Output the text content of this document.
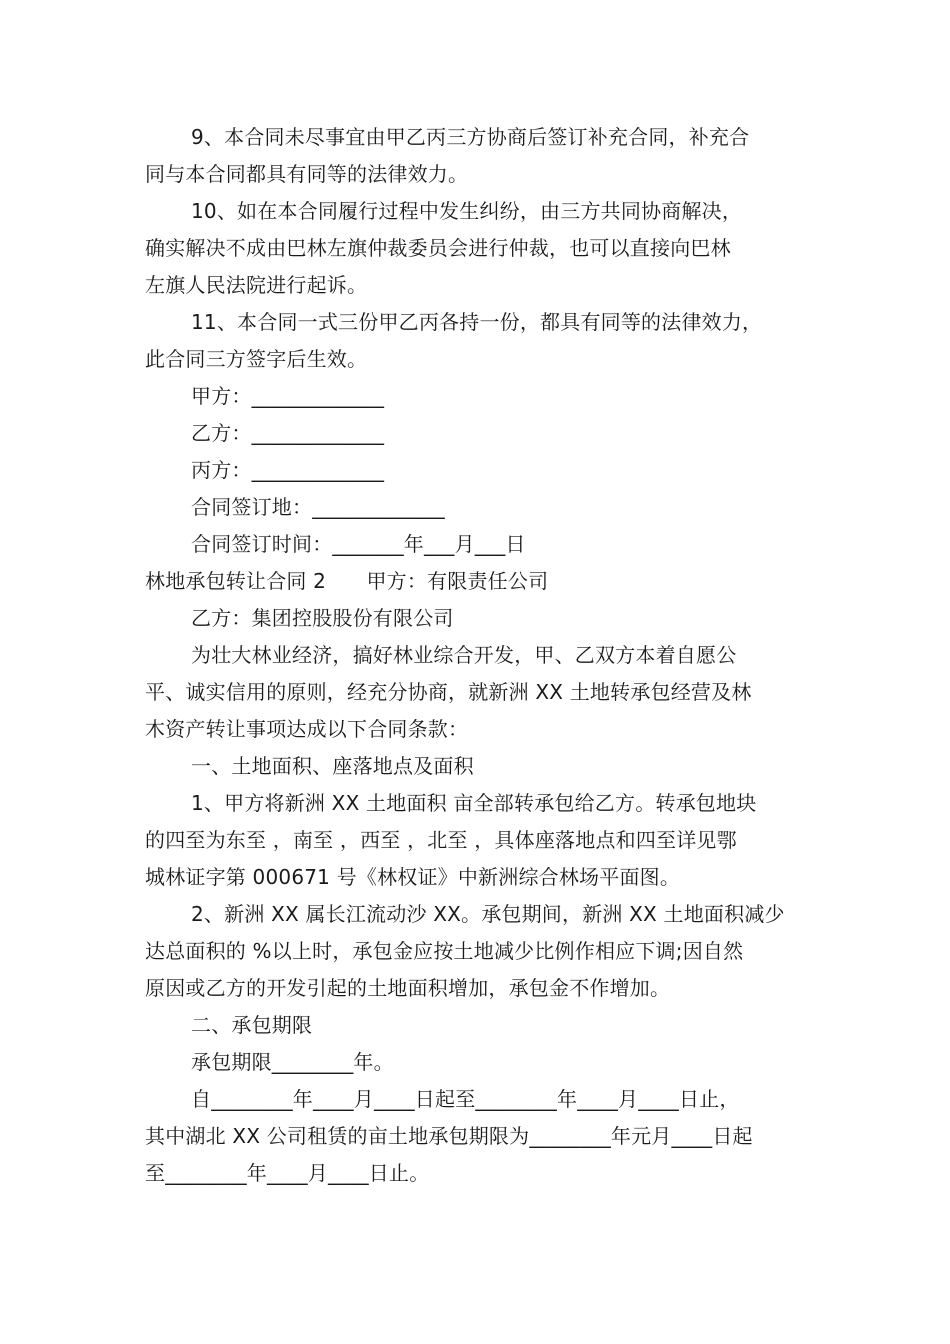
9、本合同未尽事宜由甲乙丙三方协商后签订补充合同，补充合
同与本合同都具有同等的法律效力。
10、如在本合同履行过程中发生纠纷，由三方共同协商解决，
确实解决不成由巴林左旗仲裁委员会进行仲裁，也可以直接向巴林
左旗人民法院进行起诉。
11、本合同一式三份甲乙丙各持一份，都具有同等的法律效力，
此合同三方签字后生效。
甲方：_____________
乙方：_____________
丙方：_____________
合同签订地：_____________
合同签订时间：_______年___月___日
林地承包转让合同 2　　甲方：有限责任公司
乙方：集团控股股份有限公司
为壮大林业经济，搞好林业综合开发，甲、乙双方本着自愿公
平、诚实信用的原则，经充分协商，就新洲 XX 土地转承包经营及林
木资产转让事项达成以下合同条款：
一、土地面积、座落地点及面积
1、甲方将新洲 XX 土地面积 亩全部转承包给乙方。转承包地块
的四至为东至 ，南至 ，西至 ，北至 ，具体座落地点和四至详见鄂
城林证字第 000671 号《林权证》中新洲综合林场平面图。
2、新洲 XX 属长江流动沙 XX。承包期间，新洲 XX 土地面积减少
达总面积的 %以上时，承包金应按土地减少比例作相应下调;因自然
原因或乙方的开发引起的土地面积增加，承包金不作增加。
二、承包期限
承包期限________年。
自________年____月____日起至________年____月____日止，
其中湖北 XX 公司租赁的亩土地承包期限为________年元月____日起
至________年____月____日止。
